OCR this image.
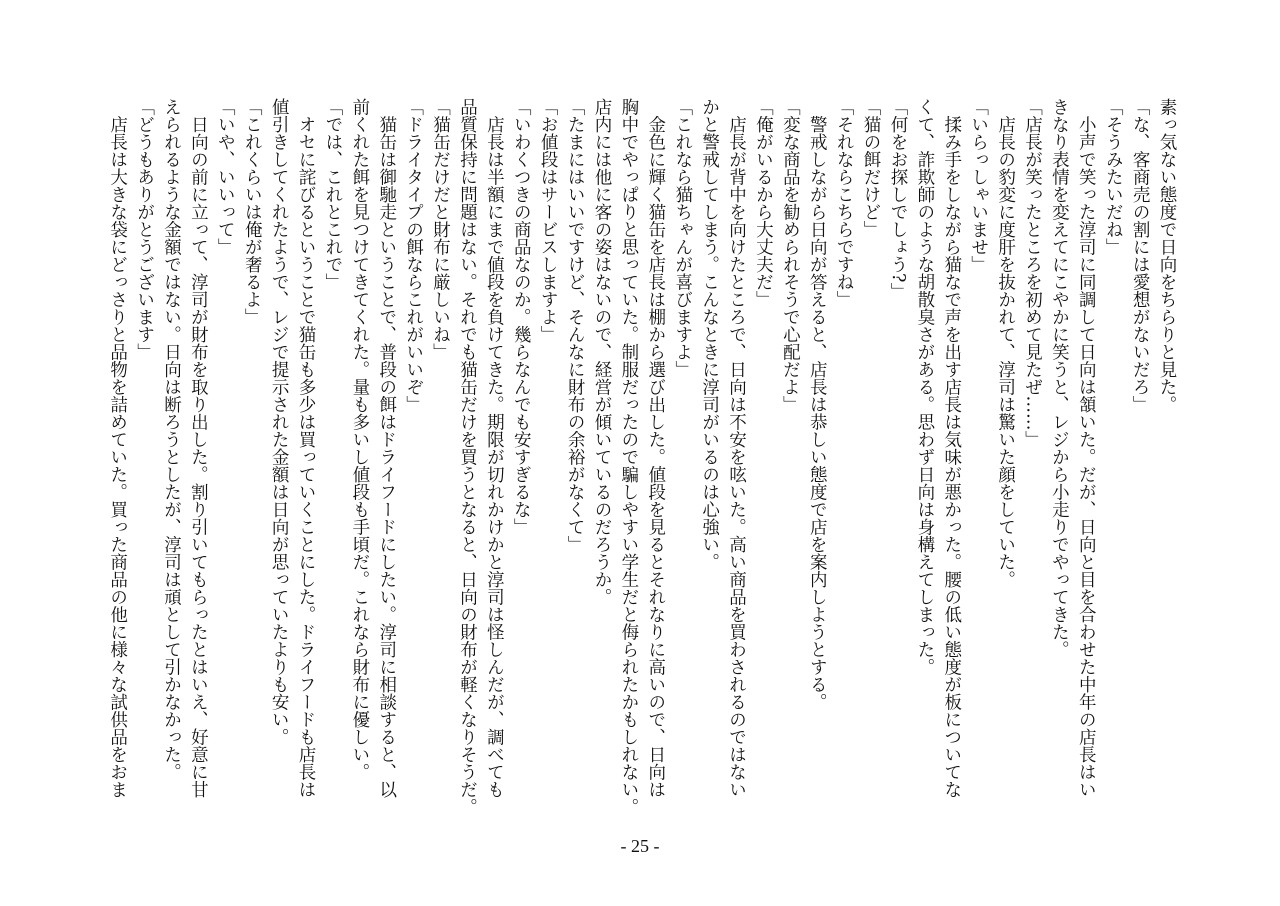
素っ気ない態度で日向をちらりと見た。
「な、客商売の割には愛想がないだろ」
「そうみたいだね」
　小声で笑った淳司に同調して日向は頷いた。だが、日向と目を合わせた中年の店長はい
きなり表情を変えてにこやかに笑うと、レジから小走りでやってきた。
「店長が笑ったところを初めて見たぜ……」
　店長の豹変に度肝を抜かれて、淳司は驚いた顔をしていた。
「いらっしゃいませ」
　揉み手をしながら猫なで声を出す店長は気味が悪かった。腰の低い態度が板についてな
くて、詐欺師のような胡散臭さがある。思わず日向は身構えてしまった。
「何をお探しでしょう?」
「猫の餌だけど」
「それならこちらですね」
　警戒しながら日向が答えると、店長は恭しい態度で店を案内しようとする。
「変な商品を勧められそうで心配だよ」
「俺がいるから大丈夫だ」
　店長が背中を向けたところで、日向は不安を呟いた。高い商品を買わされるのではない
かと警戒してしまう。こんなときに淳司がいるのは心強い。
「これなら猫ちゃんが喜びますよ」
　金色に輝く猫缶を店長は棚から選び出した。値段を見るとそれなりに高いので、日向は
胸中でやっぱりと思っていた。制服だったので騙しやすい学生だと侮られたかもしれない。
店内には他に客の姿はないので、経営が傾いているのだろうか。
「たまにはいいですけど、そんなに財布の余裕がなくて」
「お値段はサービスしますよ」
「いわくつきの商品なのか。幾らなんでも安すぎるな」
　店長は半額にまで値段を負けてきた。期限が切れかけかと淳司は怪しんだが、調べても
品質保持に問題はない。それでも猫缶だけを買うとなると、日向の財布が軽くなりそうだ。
「猫缶だけだと財布に厳しいね」
「ドライタイプの餌ならこれがいいぞ」
　猫缶は御馳走ということで、普段の餌はドライフードにしたい。淳司に相談すると、以
前くれた餌を見つけてきてくれた。量も多いし値段も手頃だ。これなら財布に優しい。
「では、これとこれで」
　オセに詫びるということで猫缶も多少は買っていくことにした。ドライフードも店長は
値引きしてくれたようで、レジで提示された金額は日向が思っていたよりも安い。
「これくらいは俺が奢るよ」
「いや、いいって」
　日向の前に立って、淳司が財布を取り出した。割り引いてもらったとはいえ、好意に甘
えられるような金額ではない。日向は断ろうとしたが、淳司は頑として引かなかった。
「どうもありがとうございます」
　店長は大きな袋にどっさりと品物を詰めていた。買った商品の他に様々な試供品をおま
- 25 -
